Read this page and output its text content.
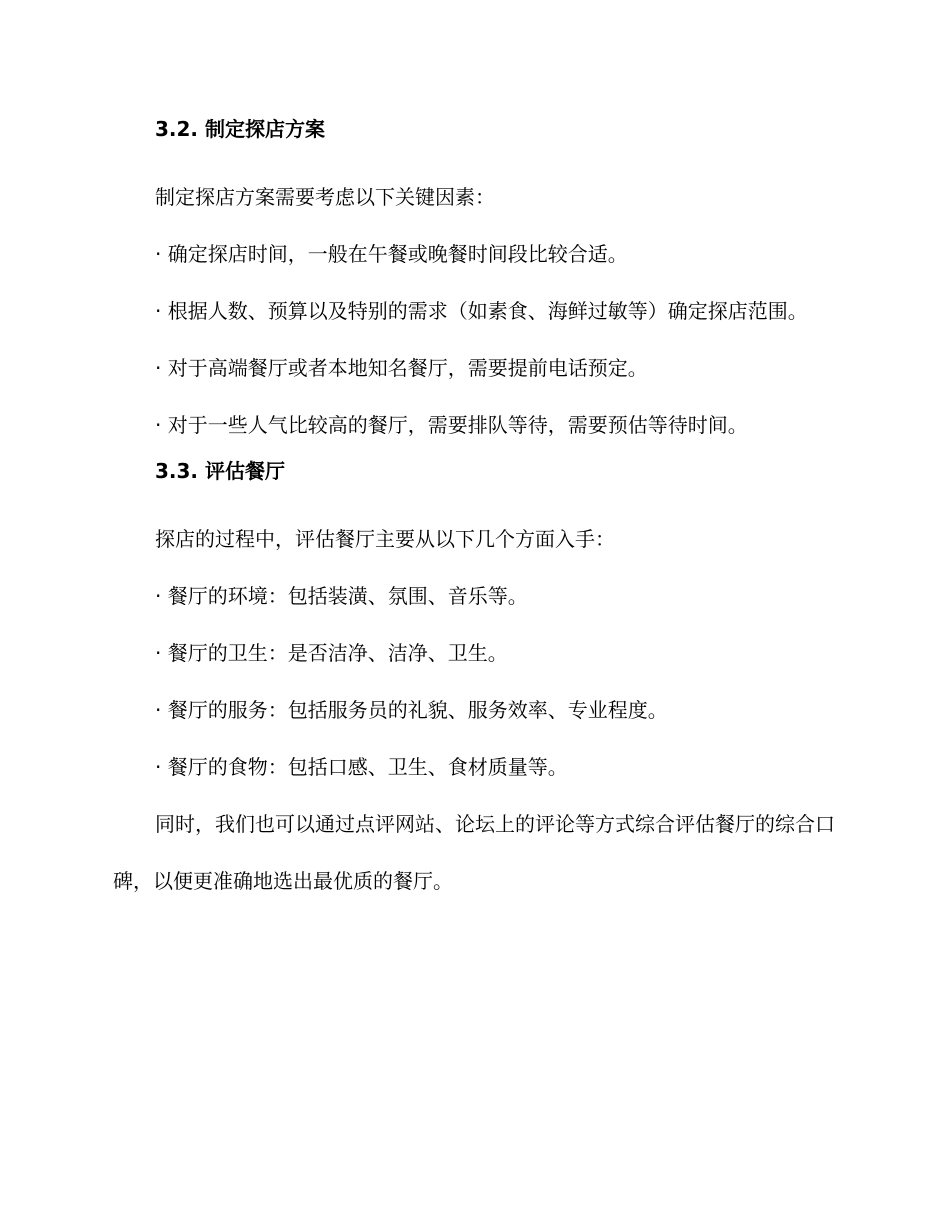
3.2. 制定探店方案

制定探店方案需要考虑以下关键因素：

· 确定探店时间，一般在午餐或晚餐时间段比较合适。

· 根据人数、预算以及特别的需求（如素食、海鲜过敏等）确定探店范围。

· 对于高端餐厅或者本地知名餐厅，需要提前电话预定。

· 对于一些人气比较高的餐厅，需要排队等待，需要预估等待时间。

3.3. 评估餐厅

探店的过程中，评估餐厅主要从以下几个方面入手：

· 餐厅的环境：包括装潢、氛围、音乐等。

· 餐厅的卫生：是否洁净、洁净、卫生。

· 餐厅的服务：包括服务员的礼貌、服务效率、专业程度。

· 餐厅的食物：包括口感、卫生、食材质量等。

同时，我们也可以通过点评网站、论坛上的评论等方式综合评估餐厅的综合口碑，以便更准确地选出最优质的餐厅。
